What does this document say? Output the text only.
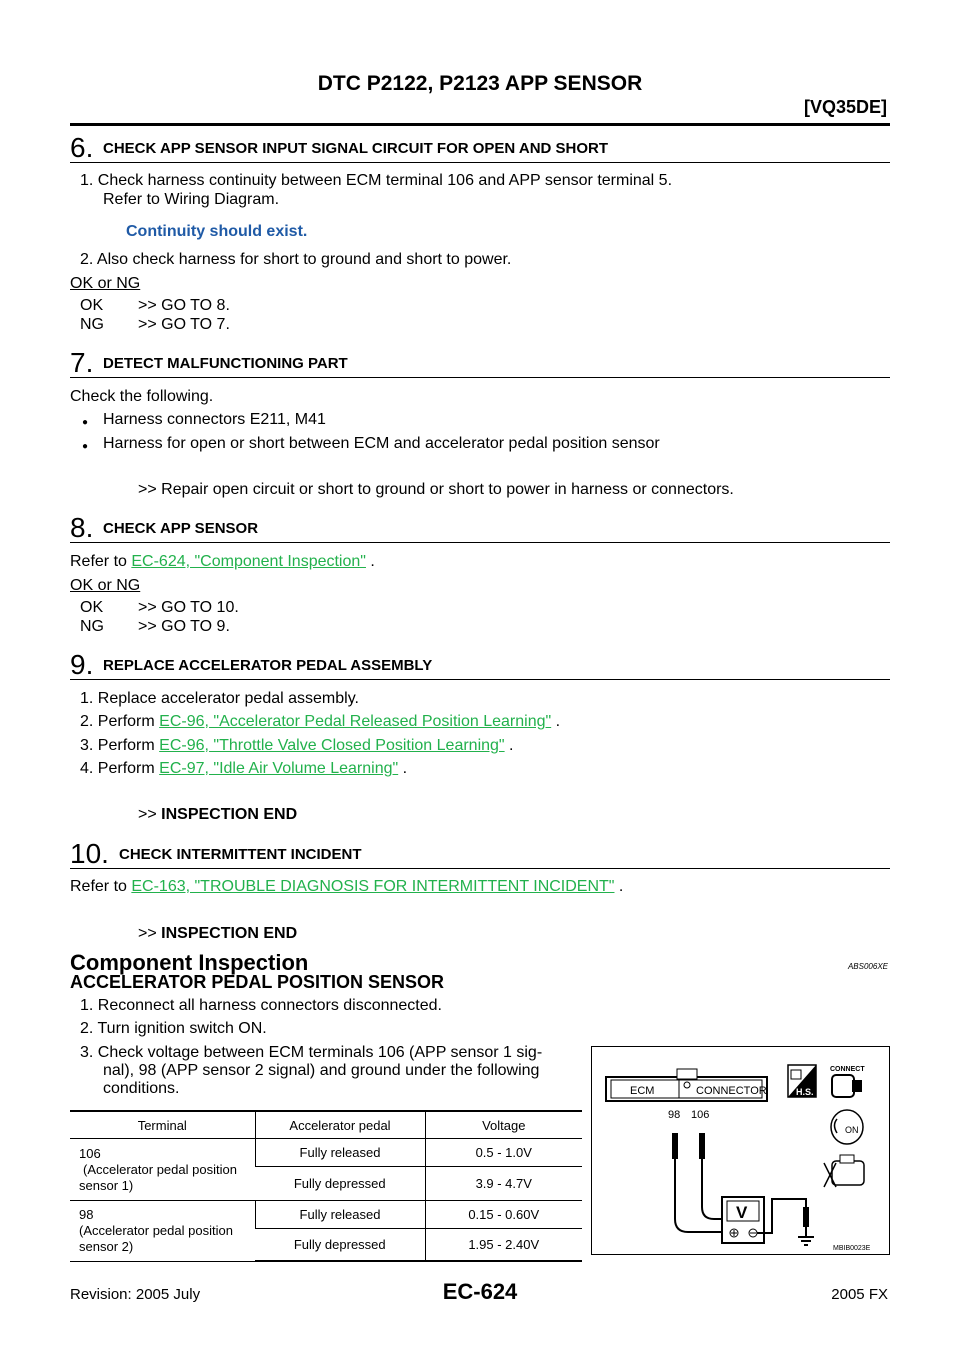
DTC P2122, P2123 APP SENSOR
[VQ35DE]
6. CHECK APP SENSOR INPUT SIGNAL CIRCUIT FOR OPEN AND SHORT
1. Check harness continuity between ECM terminal 106 and APP sensor terminal 5.
Refer to Wiring Diagram.
Continuity should exist.
2. Also check harness for short to ground and short to power.
OK or NG
OK >> GO TO 8.
NG >> GO TO 7.
7. DETECT MALFUNCTIONING PART
Check the following.
● Harness connectors E211, M41
● Harness for open or short between ECM and accelerator pedal position sensor
>> Repair open circuit or short to ground or short to power in harness or connectors.
8. CHECK APP SENSOR
Refer to EC-624, "Component Inspection" .
OK or NG
OK >> GO TO 10.
NG >> GO TO 9.
9. REPLACE ACCELERATOR PEDAL ASSEMBLY
1. Replace accelerator pedal assembly.
2. Perform EC-96, "Accelerator Pedal Released Position Learning" .
3. Perform EC-96, "Throttle Valve Closed Position Learning" .
4. Perform EC-97, "Idle Air Volume Learning" .
>> INSPECTION END
10. CHECK INTERMITTENT INCIDENT
Refer to EC-163, "TROUBLE DIAGNOSIS FOR INTERMITTENT INCIDENT" .
>> INSPECTION END
Component Inspection	ABS006XE
ACCELERATOR PEDAL POSITION SENSOR
1. Reconnect all harness connectors disconnected.
2. Turn ignition switch ON.
3. Check voltage between ECM terminals 106 (APP sensor 1 sig-
nal), 98 (APP sensor 2 signal) and ground under the following
conditions.
Terminal	Accelerator pedal	Voltage

106
(Accelerator pedal position
sensor 1)	Fully released	0.5 - 1.0V
	Fully depressed	3.9 - 4.7V

98
(Accelerator pedal position
sensor 2)	Fully released	0.15 - 0.60V
	Fully depressed	1.95 - 2.40V
ECM	CONNECTOR
98 106
V
H.S.
CONNECT
ON
MBIB0023E
Revision: 2005 July	EC-624	2005 FX
